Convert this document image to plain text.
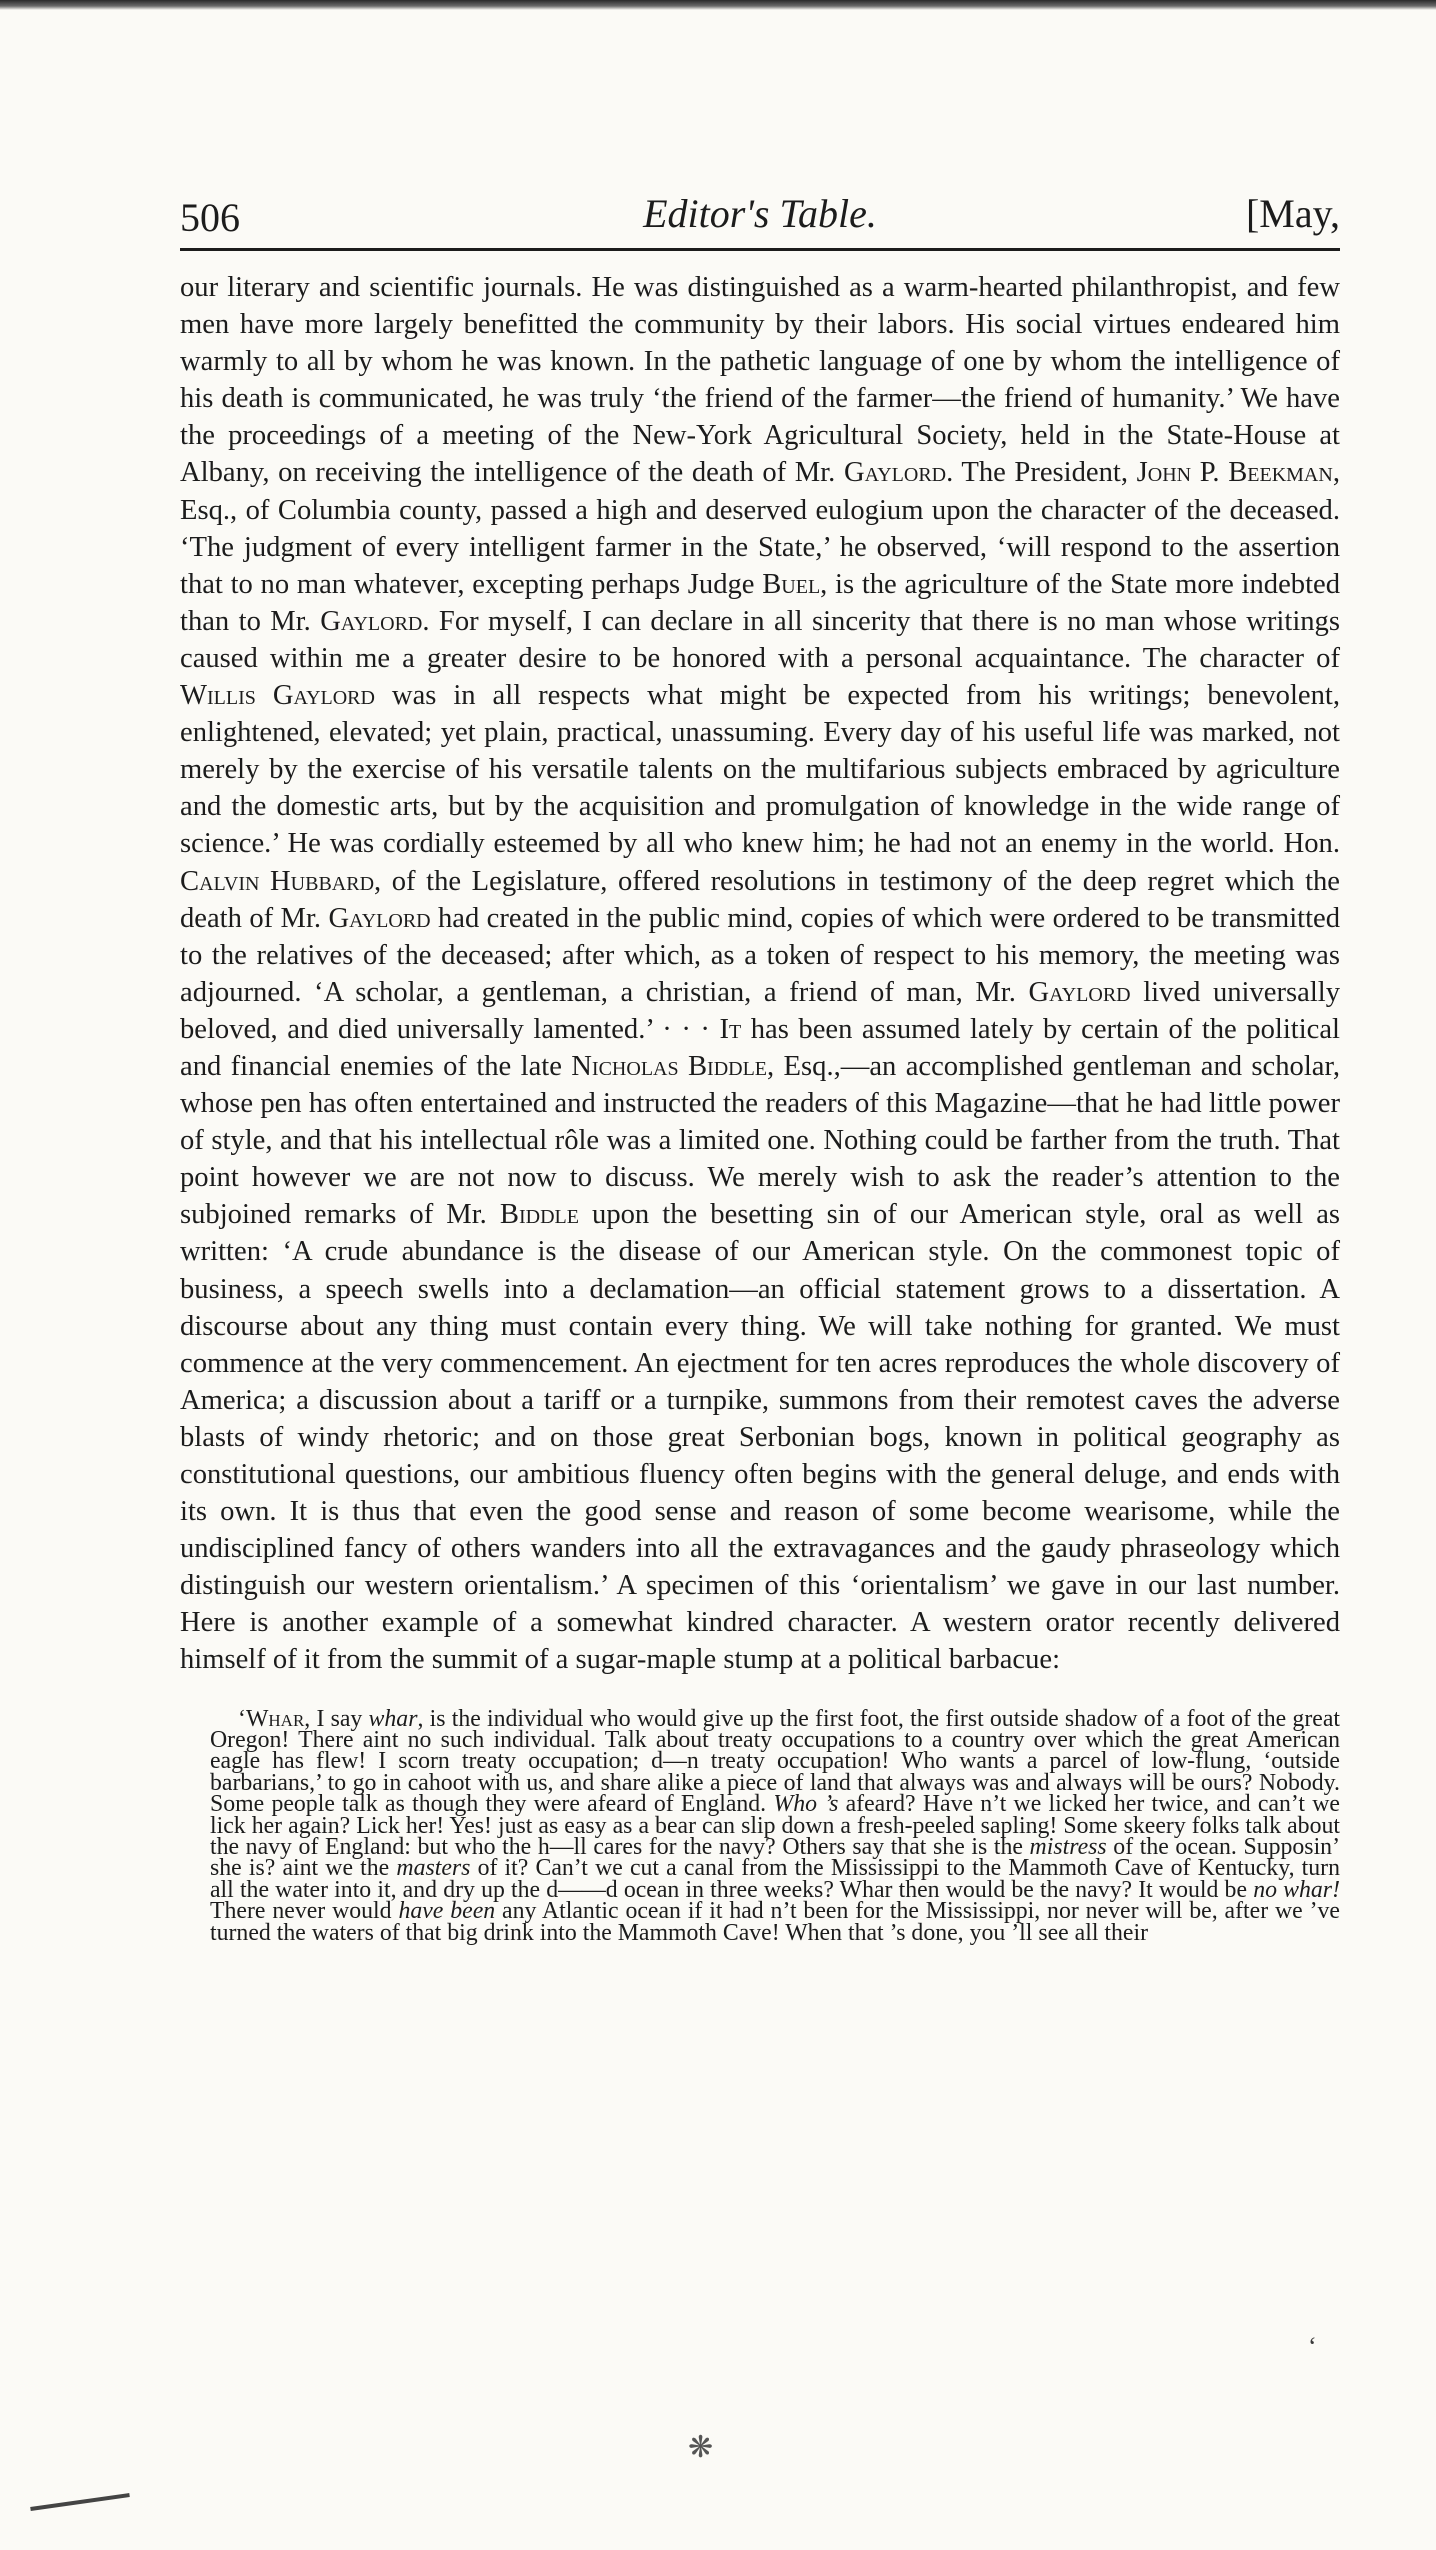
506	Editor's Table.	[May,

our literary and scientific journals. He was distinguished as a warm-hearted philanthropist, and few men have more largely benefitted the community by their labors. His social virtues endeared him warmly to all by whom he was known. In the pathetic language of one by whom the intelligence of his death is communicated, he was truly ‘the friend of the farmer—the friend of humanity.’ We have the proceedings of a meeting of the New-York Agricultural Society, held in the State-House at Albany, on receiving the intelligence of the death of Mr. Gaylord. The President, John P. Beekman, Esq., of Columbia county, passed a high and deserved eulogium upon the character of the deceased. ‘The judgment of every intelligent farmer in the State,’ he observed, ‘will respond to the assertion that to no man whatever, excepting perhaps Judge Buel, is the agriculture of the State more indebted than to Mr. Gaylord. For myself, I can declare in all sincerity that there is no man whose writings caused within me a greater desire to be honored with a personal acquaintance. The character of Willis Gaylord was in all respects what might be expected from his writings; benevolent, enlightened, elevated; yet plain, practical, unassuming. Every day of his useful life was marked, not merely by the exercise of his versatile talents on the multifarious subjects embraced by agriculture and the domestic arts, but by the acquisition and promulgation of knowledge in the wide range of science.’ He was cordially esteemed by all who knew him; he had not an enemy in the world. Hon. Calvin Hubbard, of the Legislature, offered resolutions in testimony of the deep regret which the death of Mr. Gaylord had created in the public mind, copies of which were ordered to be transmitted to the relatives of the deceased; after which, as a token of respect to his memory, the meeting was adjourned. ‘A scholar, a gentleman, a christian, a friend of man, Mr. Gaylord lived universally beloved, and died universally lamented.’ · · · It has been assumed lately by certain of the political and financial enemies of the late Nicholas Biddle, Esq.,—an accomplished gentleman and scholar, whose pen has often entertained and instructed the readers of this Magazine—that he had little power of style, and that his intellectual rôle was a limited one. Nothing could be farther from the truth. That point however we are not now to discuss. We merely wish to ask the reader’s attention to the subjoined remarks of Mr. Biddle upon the besetting sin of our American style, oral as well as written: ‘A crude abundance is the disease of our American style. On the commonest topic of business, a speech swells into a declamation—an official statement grows to a dissertation. A discourse about any thing must contain every thing. We will take nothing for granted. We must commence at the very commencement. An ejectment for ten acres reproduces the whole discovery of America; a discussion about a tariff or a turnpike, summons from their remotest caves the adverse blasts of windy rhetoric; and on those great Serbonian bogs, known in political geography as constitutional questions, our ambitious fluency often begins with the general deluge, and ends with its own. It is thus that even the good sense and reason of some become wearisome, while the undisciplined fancy of others wanders into all the extravagances and the gaudy phraseology which distinguish our western orientalism.’ A specimen of this ‘orientalism’ we gave in our last number. Here is another example of a somewhat kindred character. A western orator recently delivered himself of it from the summit of a sugar-maple stump at a political barbacue:

‘Whar, I say whar, is the individual who would give up the first foot, the first outside shadow of a foot of the great Oregon! There aint no such individual. Talk about treaty occupations to a country over which the great American eagle has flew! I scorn treaty occupation; d—n treaty occupation! Who wants a parcel of low-flung, ‘outside barbarians,’ to go in cahoot with us, and share alike a piece of land that always was and always will be ours? Nobody. Some people talk as though they were afeard of England. Who ’s afeard? Have n’t we licked her twice, and can’t we lick her again? Lick her! Yes! just as easy as a bear can slip down a fresh-peeled sapling! Some skeery folks talk about the navy of England: but who the h—ll cares for the navy? Others say that she is the mistress of the ocean. Supposin’ she is? aint we the masters of it? Can’t we cut a canal from the Mississippi to the Mammoth Cave of Kentucky, turn all the water into it, and dry up the d——d ocean in three weeks? Whar then would be the navy? It would be no whar! There never would have been any Atlantic ocean if it had n’t been for the Mississippi, nor never will be, after we ’ve turned the waters of that big drink into the Mammoth Cave! When that ’s done, you ’ll see all their

‘
❋
